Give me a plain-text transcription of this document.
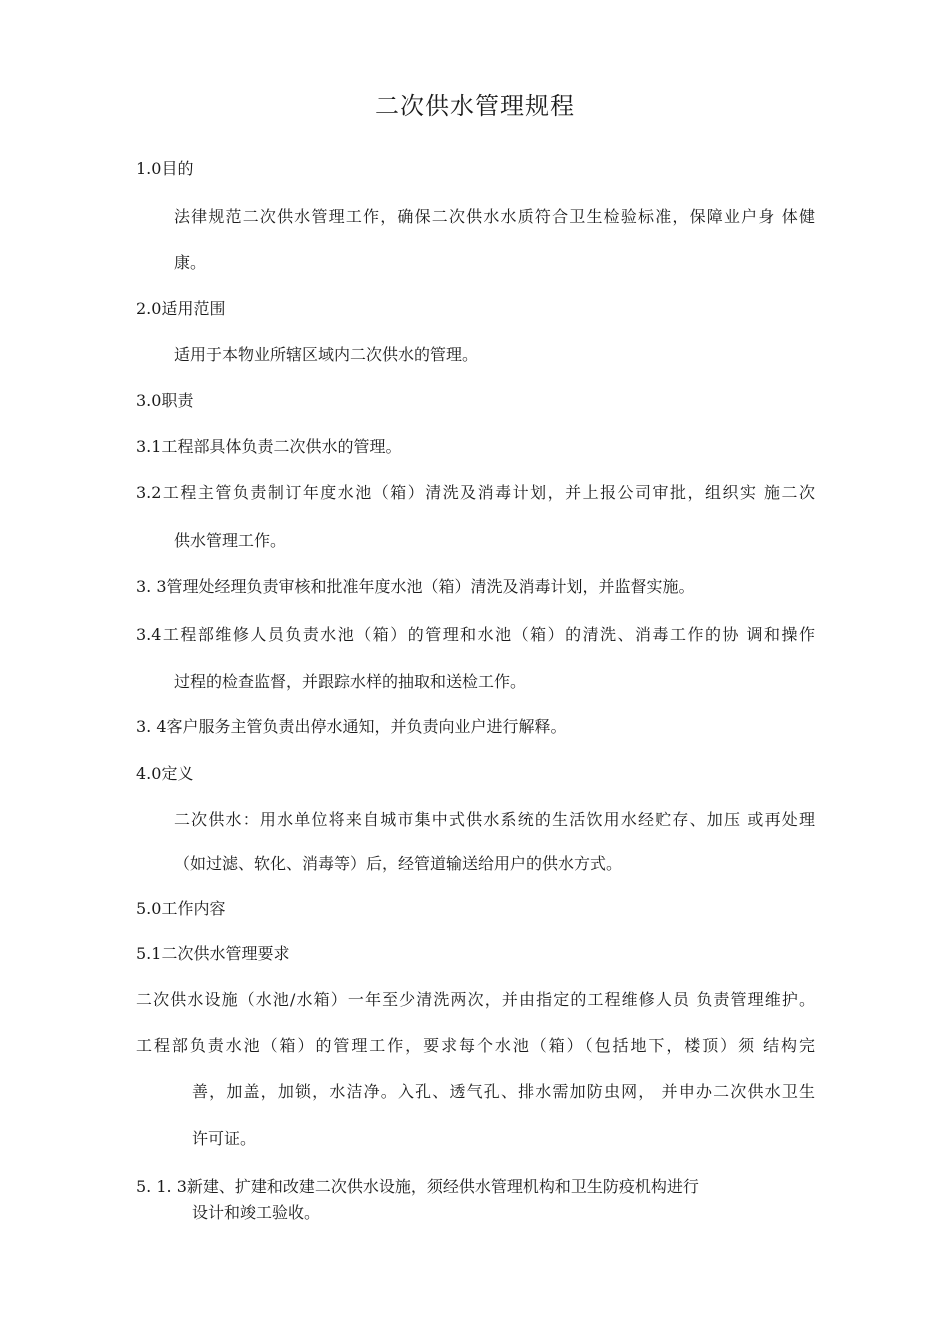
二次供水管理规程
1.0目的
法律规范二次供水管理工作，确保二次供水水质符合卫生检验标准，保障业户身 体健
康。
2.0适用范围
适用于本物业所辖区域内二次供水的管理。
3.0职责
3.1工程部具体负责二次供水的管理。
3.2工程主管负责制订年度水池（箱）清洗及消毒计划，并上报公司审批，组织实 施二次
供水管理工作。
3. 3管理处经理负责审核和批准年度水池（箱）清洗及消毒计划，并监督实施。
3.4工程部维修人员负责水池（箱）的管理和水池（箱）的清洗、消毒工作的协 调和操作
过程的检查监督，并跟踪水样的抽取和送检工作。
3. 4客户服务主管负责出停水通知，并负责向业户进行解释。
4.0定义
二次供水：用水单位将来自城市集中式供水系统的生活饮用水经贮存、加压 或再处理
（如过滤、软化、消毒等）后，经管道输送给用户的供水方式。
5.0工作内容
5.1二次供水管理要求
二次供水设施（水池/水箱）一年至少清洗两次，并由指定的工程维修人员 负责管理维护。
工程部负责水池（箱）的管理工作，要求每个水池（箱）（包括地下，楼顶）须 结构完
善，加盖，加锁，水洁净。入孔、透气孔、排水需加防虫网， 并申办二次供水卫生
许可证。
5. 1. 3新建、扩建和改建二次供水设施，须经供水管理机构和卫生防疫机构进行
设计和竣工验收。
